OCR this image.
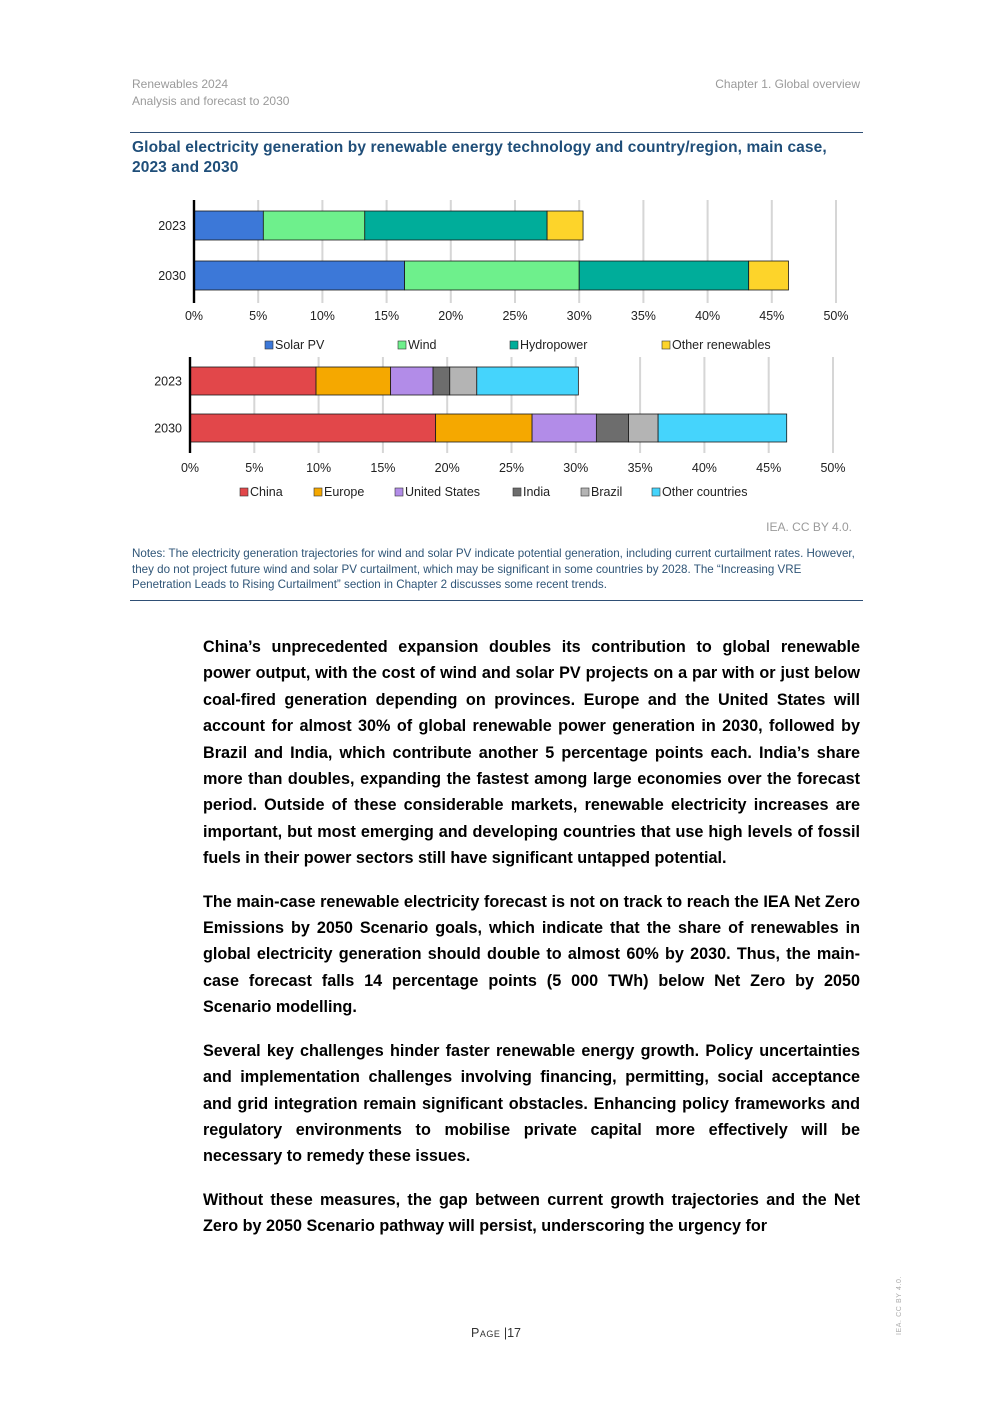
Renewables 2024
Analysis and forecast to 2030
Chapter 1. Global overview
Global electricity generation by renewable energy technology and country/region, main case, 2023 and 2030
0%	5%	10%	15%	20%	25%	30%	35%	40%	45%	50%
2023
2030
Solar PV	Wind	Hydropower	Other renewables
0%	5%	10%	15%	20%	25%	30%	35%	40%	45%	50%
2023
2030
China	Europe	United States	India	Brazil	Other countries
IEA. CC BY 4.0.
Notes: The electricity generation trajectories for wind and solar PV indicate potential generation, including current curtailment rates. However, they do not project future wind and solar PV curtailment, which may be significant in some countries by 2028. The “Increasing VRE Penetration Leads to Rising Curtailment” section in Chapter 2 discusses some recent trends.

China’s unprecedented expansion doubles its contribution to global renewable power output, with the cost of wind and solar PV projects on a par with or just below coal-fired generation depending on provinces. Europe and the United States will account for almost 30% of global renewable power generation in 2030, followed by Brazil and India, which contribute another 5 percentage points each. India’s share more than doubles, expanding the fastest among large economies over the forecast period. Outside of these considerable markets, renewable electricity increases are important, but most emerging and developing countries that use high levels of fossil fuels in their power sectors still have significant untapped potential.

The main-case renewable electricity forecast is not on track to reach the IEA Net Zero Emissions by 2050 Scenario goals, which indicate that the share of renewables in global electricity generation should double to almost 60% by 2030. Thus, the main-case forecast falls 14 percentage points (5 000 TWh) below Net Zero by 2050 Scenario modelling.

Several key challenges hinder faster renewable energy growth. Policy uncertainties and implementation challenges involving financing, permitting, social acceptance and grid integration remain significant obstacles. Enhancing policy frameworks and regulatory environments to mobilise private capital more effectively will be necessary to remedy these issues.

Without these measures, the gap between current growth trajectories and the Net Zero by 2050 Scenario pathway will persist, underscoring the urgency for

Page |17	IEA. CC BY 4.0.
